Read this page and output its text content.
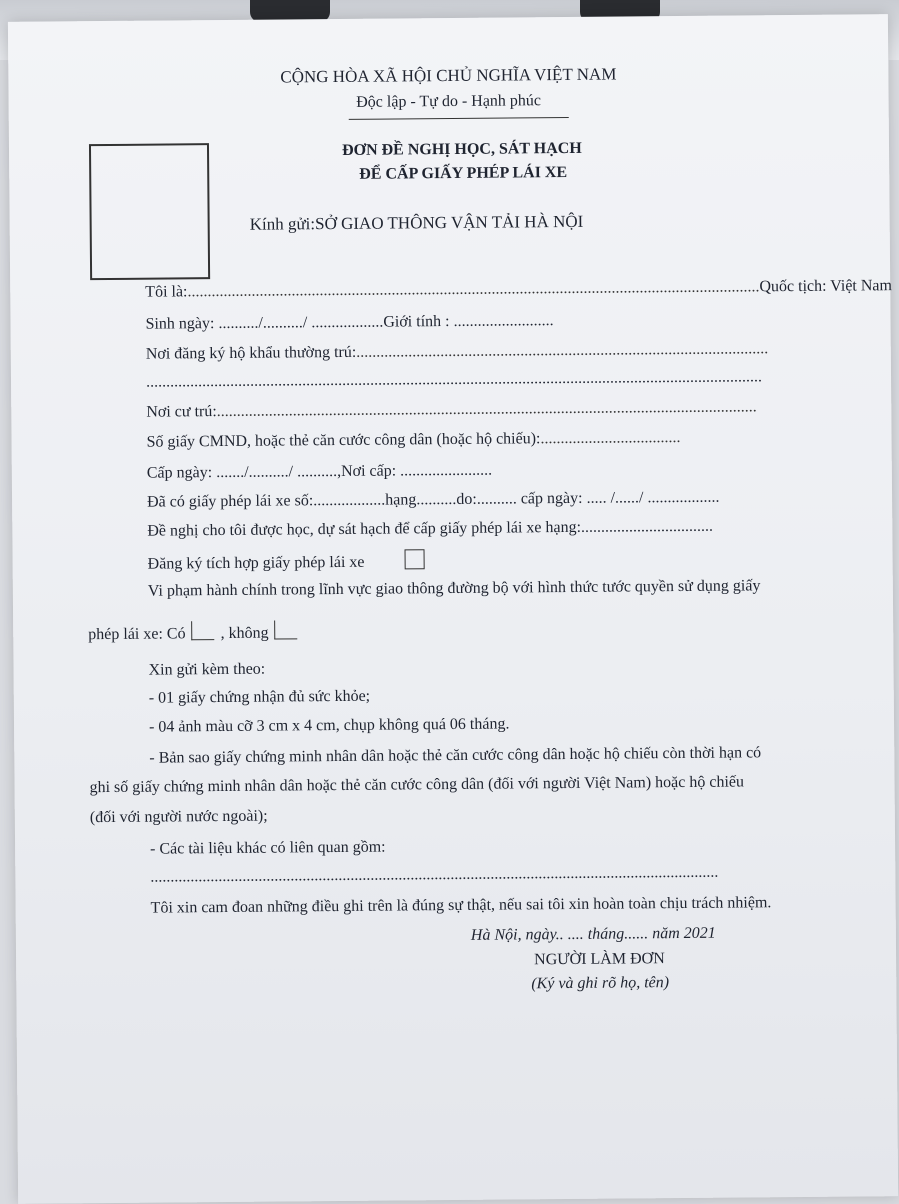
CỘNG HÒA XÃ HỘI CHỦ NGHĨA VIỆT NAM
Độc lập - Tự do - Hạnh phúc
ĐƠN ĐỀ NGHỊ HỌC, SÁT HẠCH
ĐỂ CẤP GIẤY PHÉP LÁI XE
Kính gửi:SỞ GIAO THÔNG VẬN TẢI HÀ NỘI
Tôi là:...............................................................................................................................................Quốc tịch: Việt Nam
Sinh ngày: ........../........../ ..................Giới tính : .........................
Nơi đăng ký hộ khẩu thường trú:.......................................................................................................
..........................................................................................................................................................
Nơi cư trú:.......................................................................................................................................
Số giấy CMND, hoặc thẻ căn cước công dân (hoặc hộ chiếu):...................................
Cấp ngày: ......./........../ ..........,Nơi cấp: .......................
Đã có giấy phép lái xe số:..................hạng..........do:.......... cấp ngày: ..... /....../ ..................
Đề nghị cho tôi được học, dự sát hạch để cấp giấy phép lái xe hạng:.................................
Đăng ký tích hợp giấy phép lái xe
Vi phạm hành chính trong lĩnh vực giao thông đường bộ với hình thức tước quyền sử dụng giấy
phép lái xe: Có , không
Xin gửi kèm theo:
- 01 giấy chứng nhận đủ sức khỏe;
- 04 ảnh màu cỡ 3 cm x 4 cm, chụp không quá 06 tháng.
- Bản sao giấy chứng minh nhân dân hoặc thẻ căn cước công dân hoặc hộ chiếu còn thời hạn có
ghi số giấy chứng minh nhân dân hoặc thẻ căn cước công dân (đối với người Việt Nam) hoặc hộ chiếu
(đối với người nước ngoài);
- Các tài liệu khác có liên quan gồm:
..............................................................................................................................................
Tôi xin cam đoan những điều ghi trên là đúng sự thật, nếu sai tôi xin hoàn toàn chịu trách nhiệm.
Hà Nội, ngày.. .... tháng...... năm 2021
NGƯỜI LÀM ĐƠN
(Ký và ghi rõ họ, tên)
